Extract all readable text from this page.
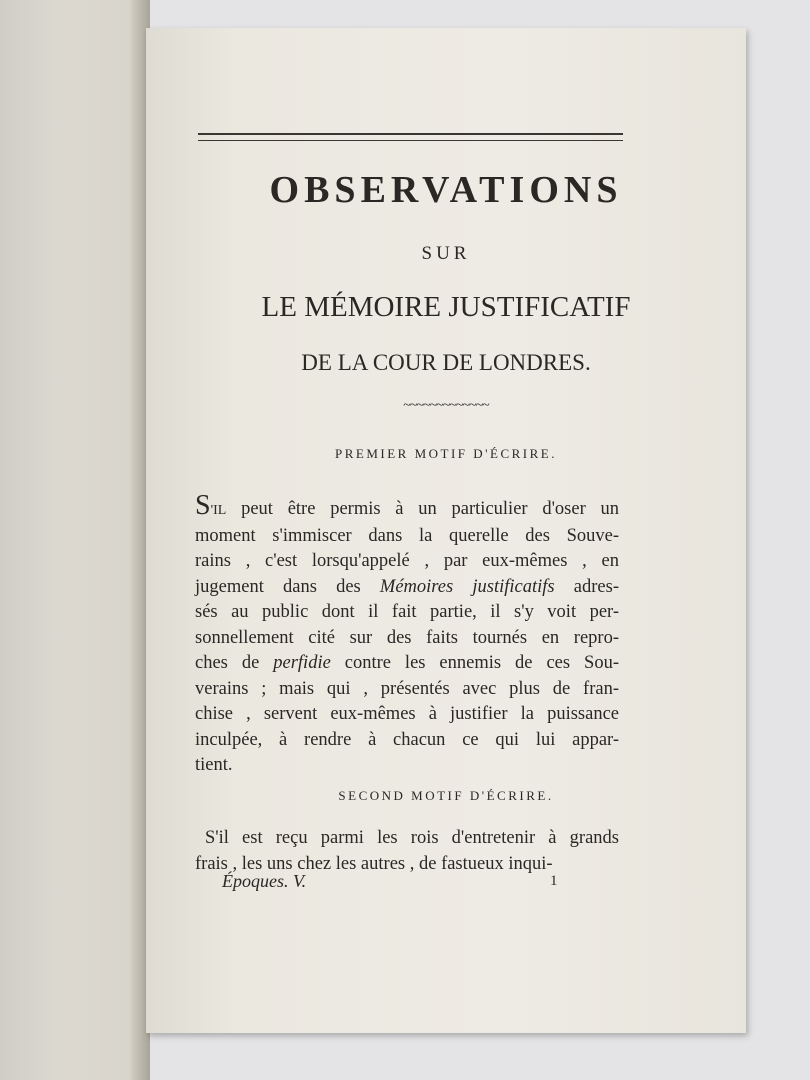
OBSERVATIONS
SUR
LE MÉMOIRE JUSTIFICATIF
DE LA COUR DE LONDRES.
~~~~~~~~~~~~~
PREMIER MOTIF D'ÉCRIRE.
S'IL peut être permis à un particulier d'oser un
moment s'immiscer dans la querelle des Souve-
rains , c'est lorsqu'appelé , par eux-mêmes , en
jugement dans des Mémoires justificatifs adres-
sés au public dont il fait partie, il s'y voit per-
sonnellement cité sur des faits tournés en repro-
ches de perfidie contre les ennemis de ces Sou-
verains ; mais qui , présentés avec plus de fran-
chise , servent eux-mêmes à justifier la puissance
inculpée, à rendre à chacun ce qui lui appar-
tient.
SECOND MOTIF D'ÉCRIRE.
S'il est reçu parmi les rois d'entretenir à grands
frais , les uns chez les autres , de fastueux inqui-
Époques. V.	1
